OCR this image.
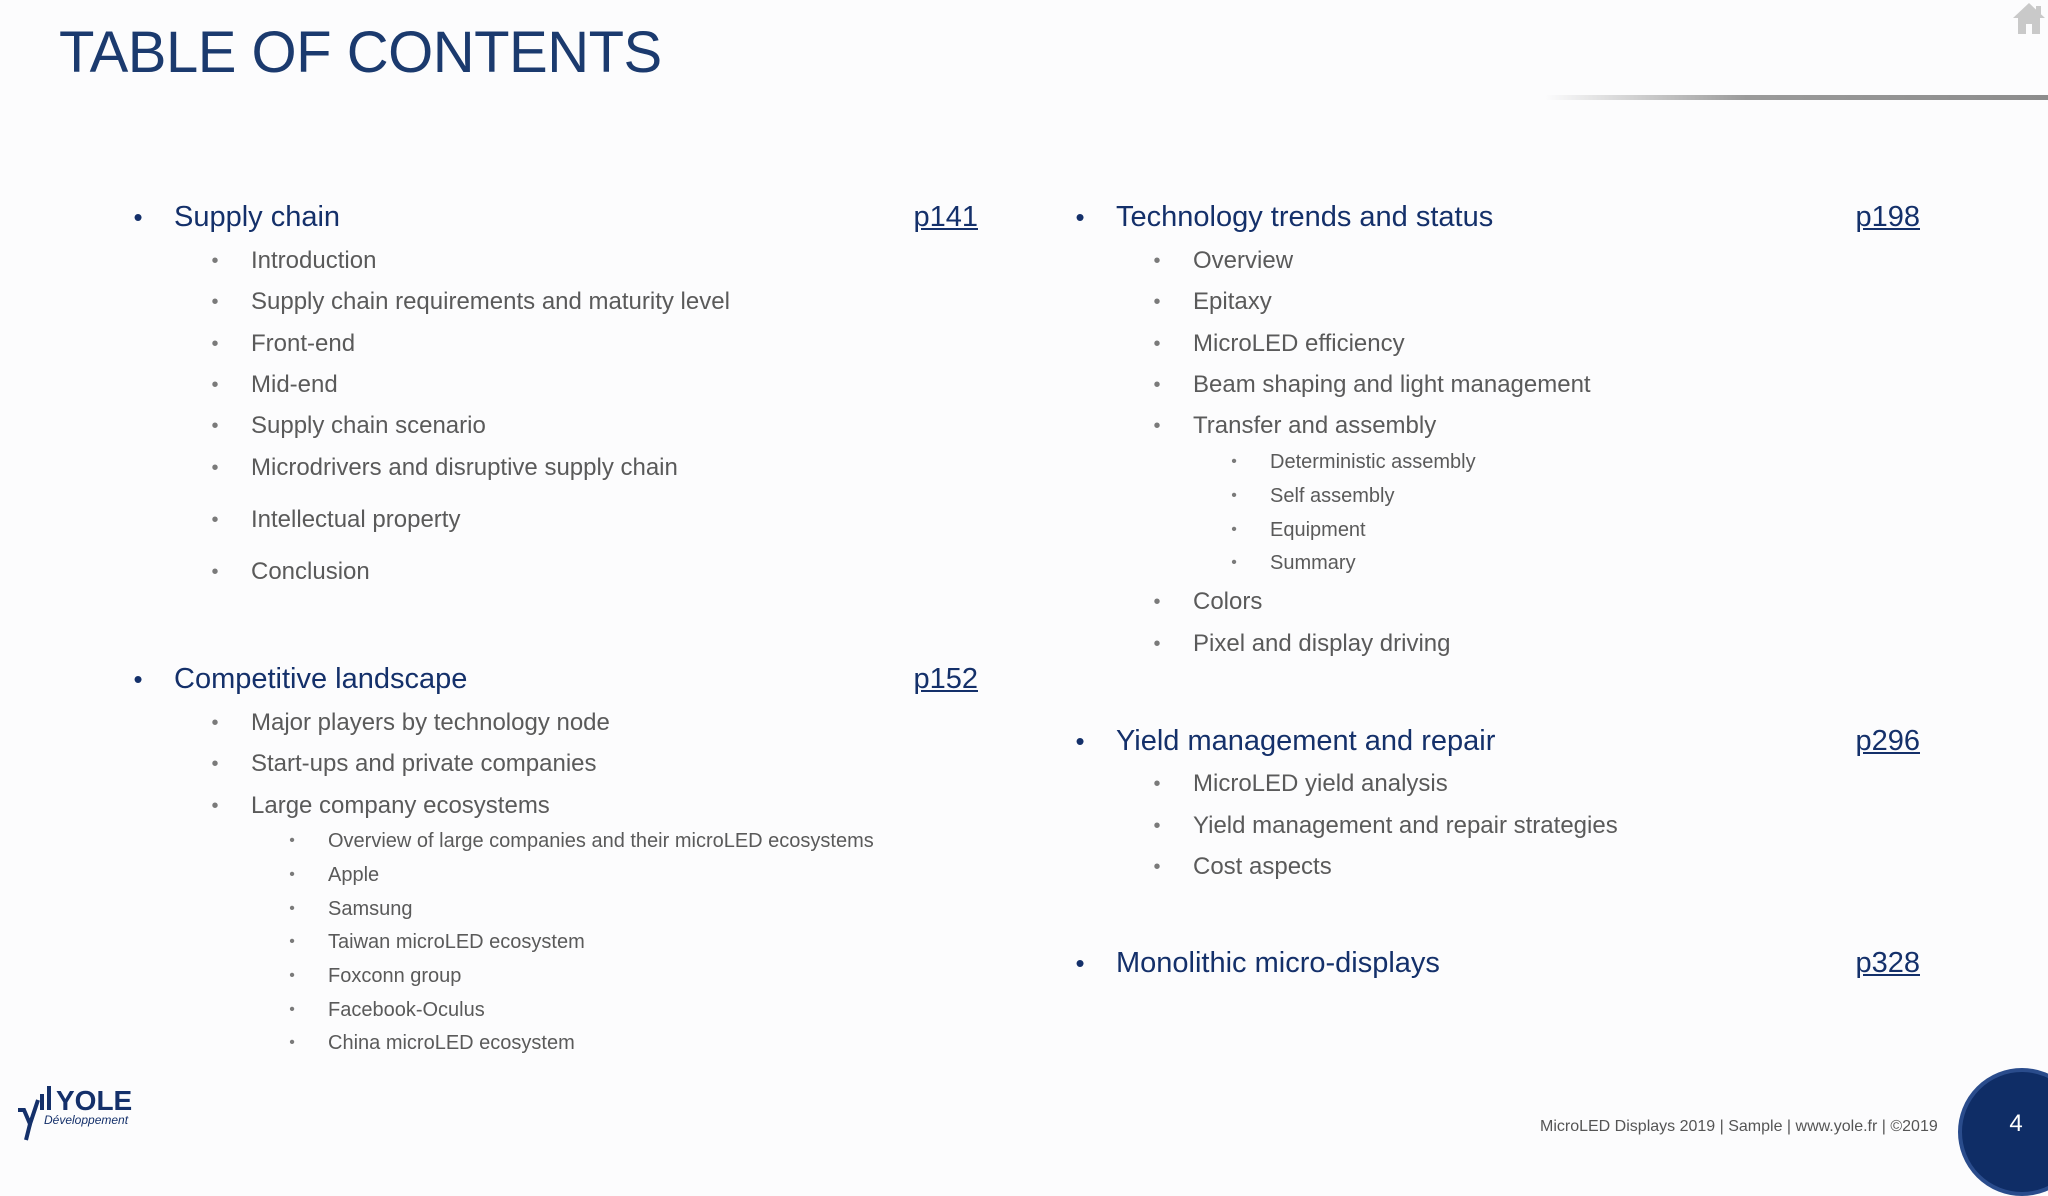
TABLE OF CONTENTS
• Supply chain	p141
• Introduction
• Supply chain requirements and maturity level
• Front-end
• Mid-end
• Supply chain scenario
• Microdrivers and disruptive supply chain
• Intellectual property
• Conclusion
• Competitive landscape	p152
• Major players by technology node
• Start-ups and private companies
• Large company ecosystems
•	Overview of large companies and their microLED ecosystems
•	Apple
•	Samsung
•	Taiwan microLED ecosystem
•	Foxconn group
•	Facebook-Oculus
•	China microLED ecosystem
• Technology trends and status	p198
• Overview
• Epitaxy
• MicroLED efficiency
• Beam shaping and light management
• Transfer and assembly
•	Deterministic assembly
•	Self assembly
•	Equipment
•	Summary
• Colors
• Pixel and display driving
• Yield management and repair	p296
• MicroLED yield analysis
• Yield management and repair strategies
• Cost aspects
• Monolithic micro-displays	p328
YOLE
Développement	MicroLED Displays 2019 | Sample | www.yole.fr | ©2019	4
